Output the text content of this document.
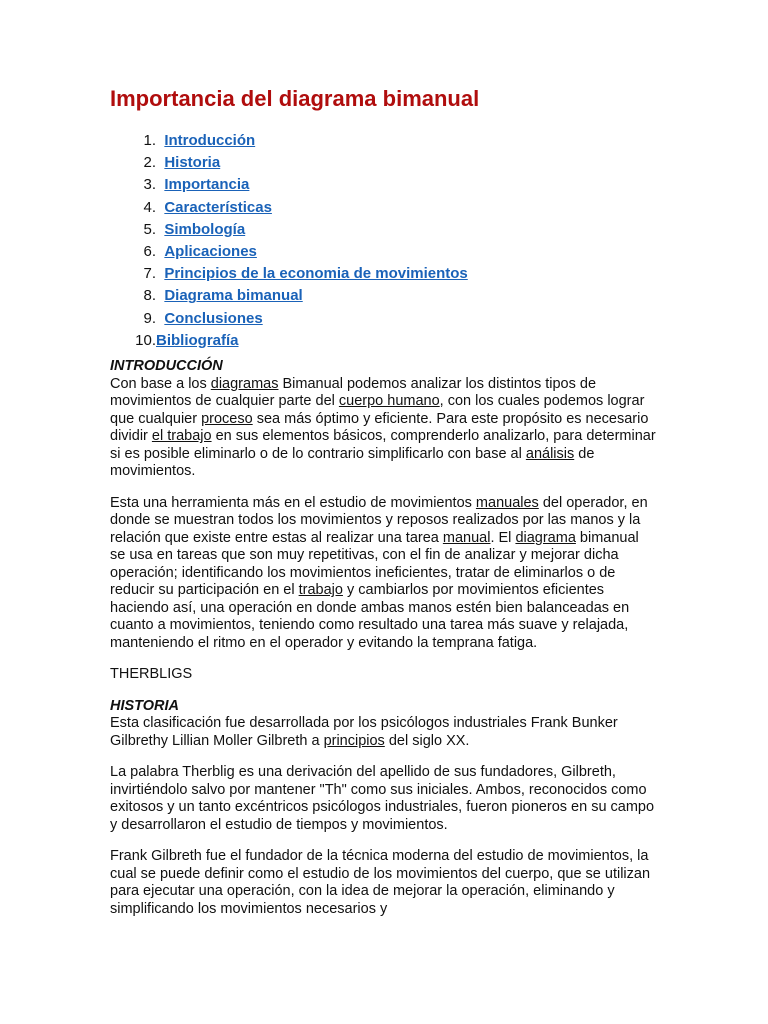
Importancia del diagrama bimanual
1.
Introducción
2.
Historia
3.
Importancia
4.
Características
5.
Simbología
6.
Aplicaciones
7.
Principios de la economia de movimientos
8.
Diagrama bimanual
9.
Conclusiones
10. Bibliografía
INTRODUCCIÓN

Con base a los diagramas Bimanual podemos analizar los distintos tipos de movimientos de cualquier parte del cuerpo humano, con los cuales podemos lograr que cualquier proceso sea más óptimo y eficiente. Para este propósito es necesario dividir el trabajo en sus elementos básicos, comprenderlo analizarlo, para determinar si es posible eliminarlo o de lo contrario simplificarlo con base al análisis de movimientos.

Esta una herramienta más en el estudio de movimientos manuales del operador, en donde se muestran todos los movimientos y reposos realizados por las manos y la relación que existe entre estas al realizar una tarea manual. El diagrama bimanual se usa en tareas que son muy repetitivas, con el fin de analizar y mejorar dicha operación; identificando los movimientos ineficientes, tratar de eliminarlos o de reducir su participación en el trabajo y cambiarlos por movimientos eficientes haciendo así, una operación en donde ambas manos estén bien balanceadas en cuanto a movimientos, teniendo como resultado una tarea más suave y relajada, manteniendo el ritmo en el operador y evitando la temprana fatiga.

THERBLIGS
HISTORIA

Esta clasificación fue desarrollada por los psicólogos industriales Frank Bunker Gilbrethy Lillian Moller Gilbreth a principios del siglo XX.

La palabra Therblig es una derivación del apellido de sus fundadores, Gilbreth, invirtiéndolo salvo por mantener "Th" como sus iniciales. Ambos, reconocidos como exitosos y un tanto excéntricos psicólogos industriales, fueron pioneros en su campo y desarrollaron el estudio de tiempos y movimientos.

Frank Gilbreth fue el fundador de la técnica moderna del estudio de movimientos, la cual se puede definir como el estudio de los movimientos del cuerpo, que se utilizan para ejecutar una operación, con la idea de mejorar la operación, eliminando y simplificando los movimientos necesarios y
